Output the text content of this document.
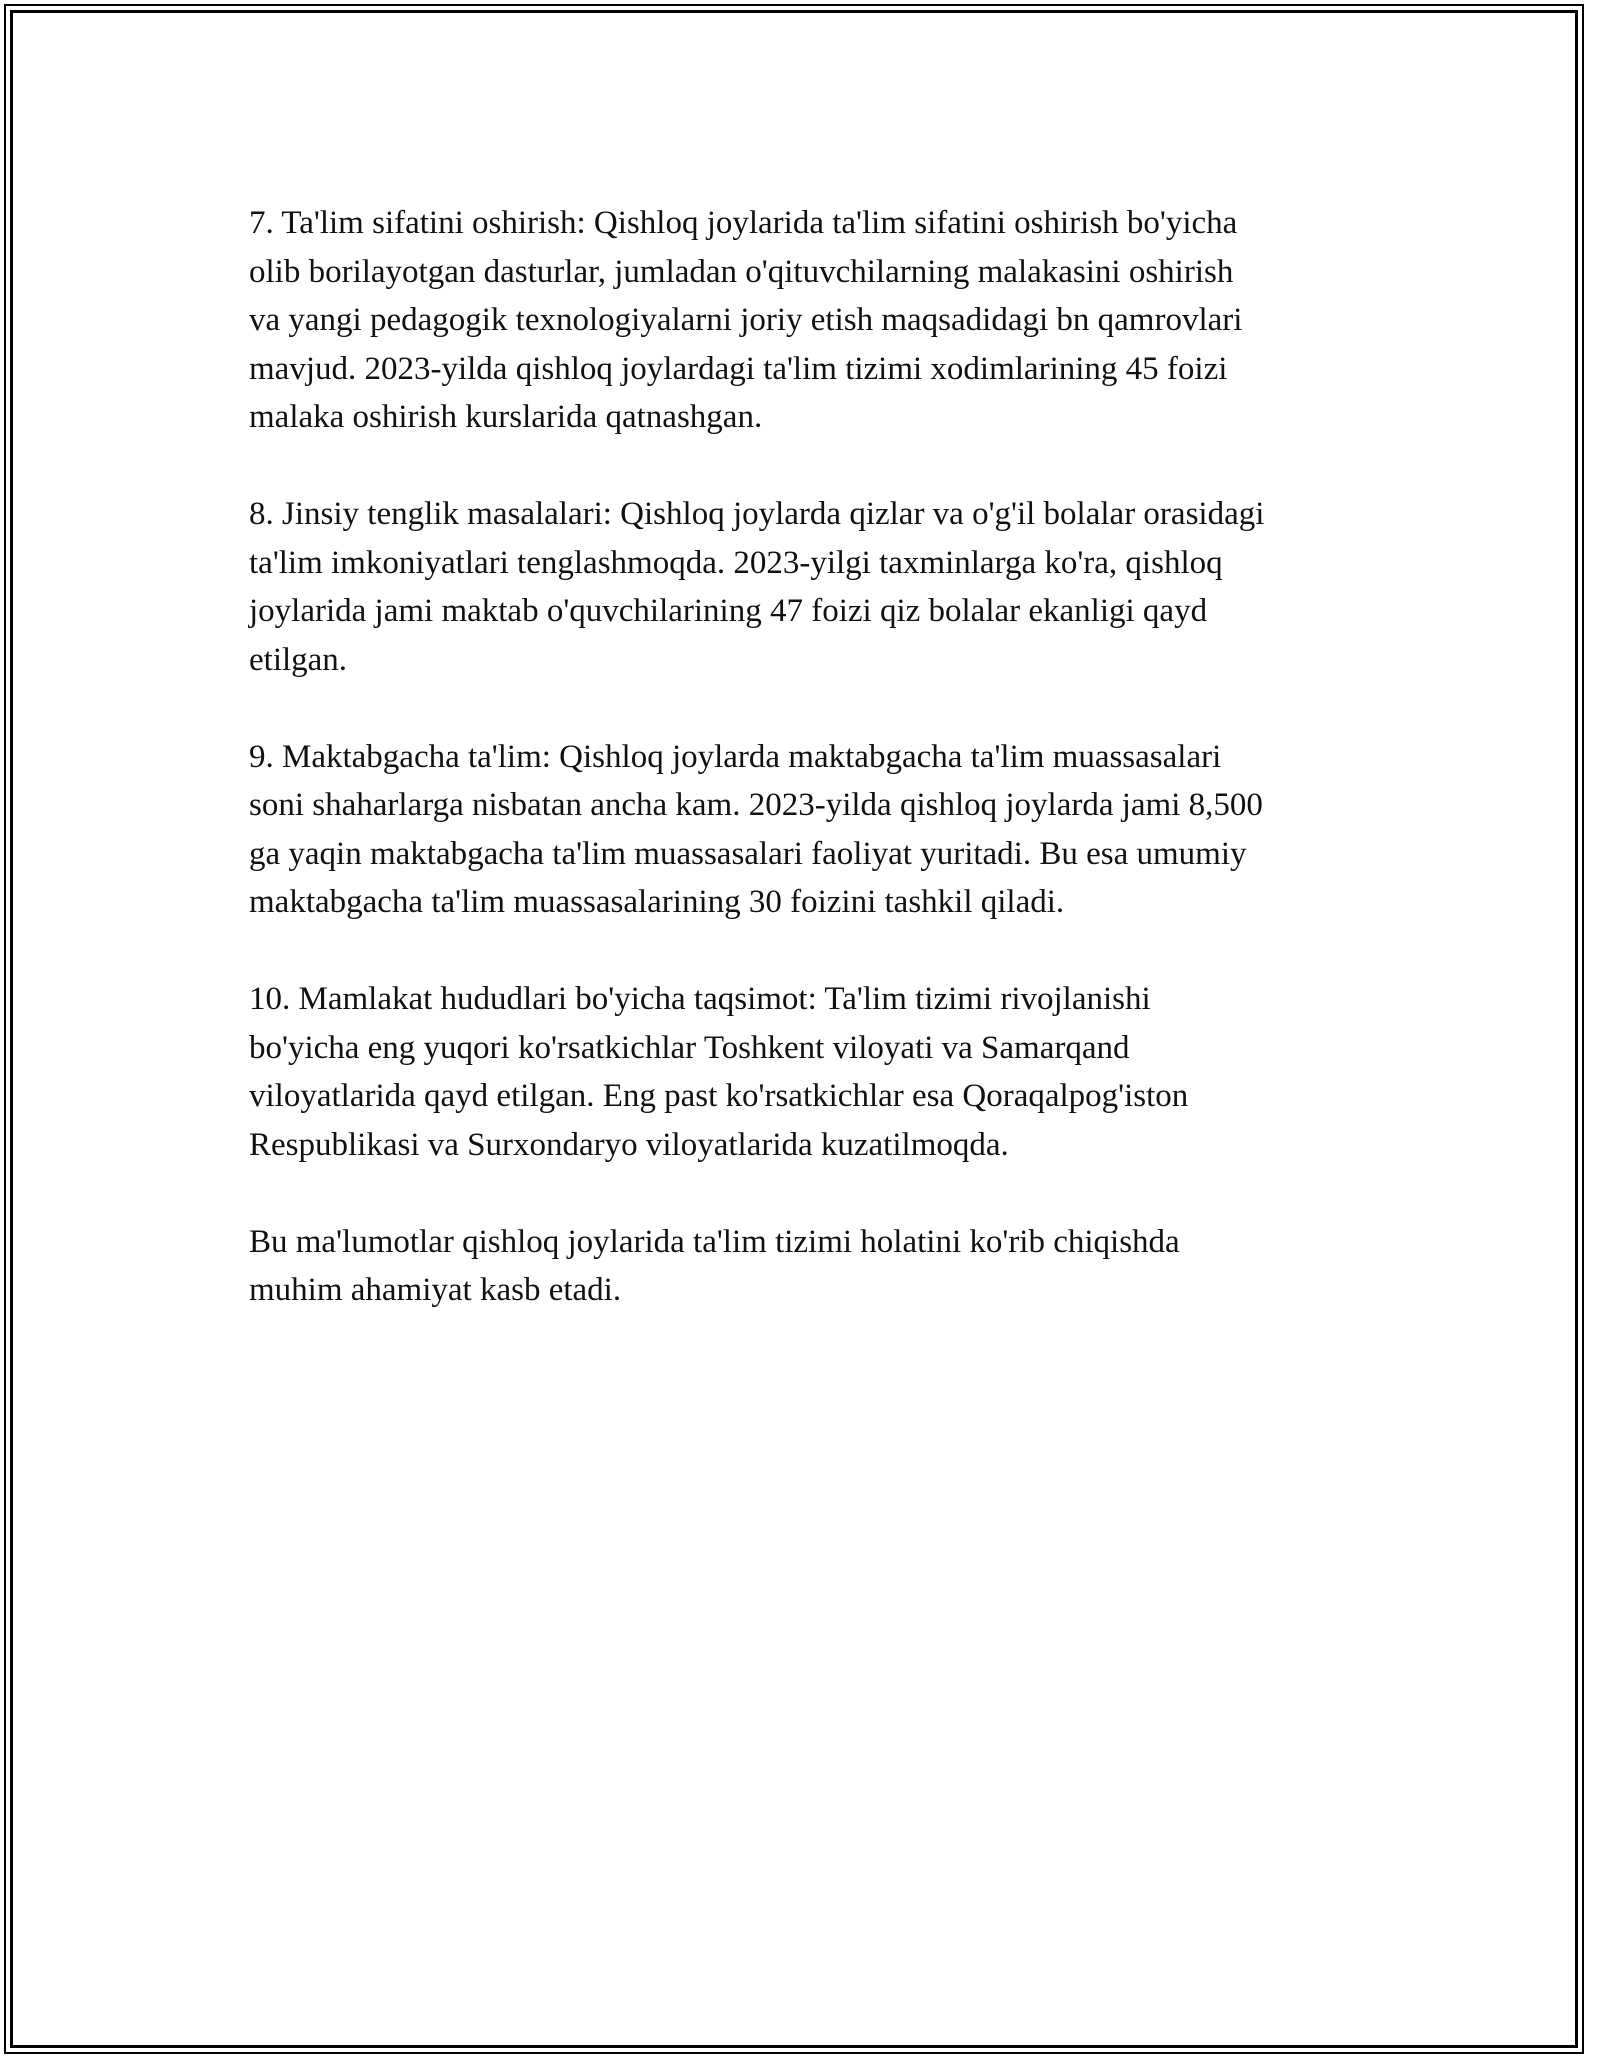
7. Ta'lim sifatini oshirish: Qishloq joylarida ta'lim sifatini oshirish bo'yicha
olib borilayotgan dasturlar, jumladan o'qituvchilarning malakasini oshirish
va yangi pedagogik texnologiyalarni joriy etish maqsadidagi bn qamrovlari
mavjud. 2023-yilda qishloq joylardagi ta'lim tizimi xodimlarining 45 foizi
malaka oshirish kurslarida qatnashgan.

8. Jinsiy tenglik masalalari: Qishloq joylarda qizlar va o'g'il bolalar orasidagi
ta'lim imkoniyatlari tenglashmoqda. 2023-yilgi taxminlarga ko'ra, qishloq
joylarida jami maktab o'quvchilarining 47 foizi qiz bolalar ekanligi qayd
etilgan.

9. Maktabgacha ta'lim: Qishloq joylarda maktabgacha ta'lim muassasalari
soni shaharlarga nisbatan ancha kam. 2023-yilda qishloq joylarda jami 8,500
ga yaqin maktabgacha ta'lim muassasalari faoliyat yuritadi. Bu esa umumiy
maktabgacha ta'lim muassasalarining 30 foizini tashkil qiladi.

10. Mamlakat hududlari bo'yicha taqsimot: Ta'lim tizimi rivojlanishi
bo'yicha eng yuqori ko'rsatkichlar Toshkent viloyati va Samarqand
viloyatlarida qayd etilgan. Eng past ko'rsatkichlar esa Qoraqalpog'iston
Respublikasi va Surxondaryo viloyatlarida kuzatilmoqda.

Bu ma'lumotlar qishloq joylarida ta'lim tizimi holatini ko'rib chiqishda
muhim ahamiyat kasb etadi.
